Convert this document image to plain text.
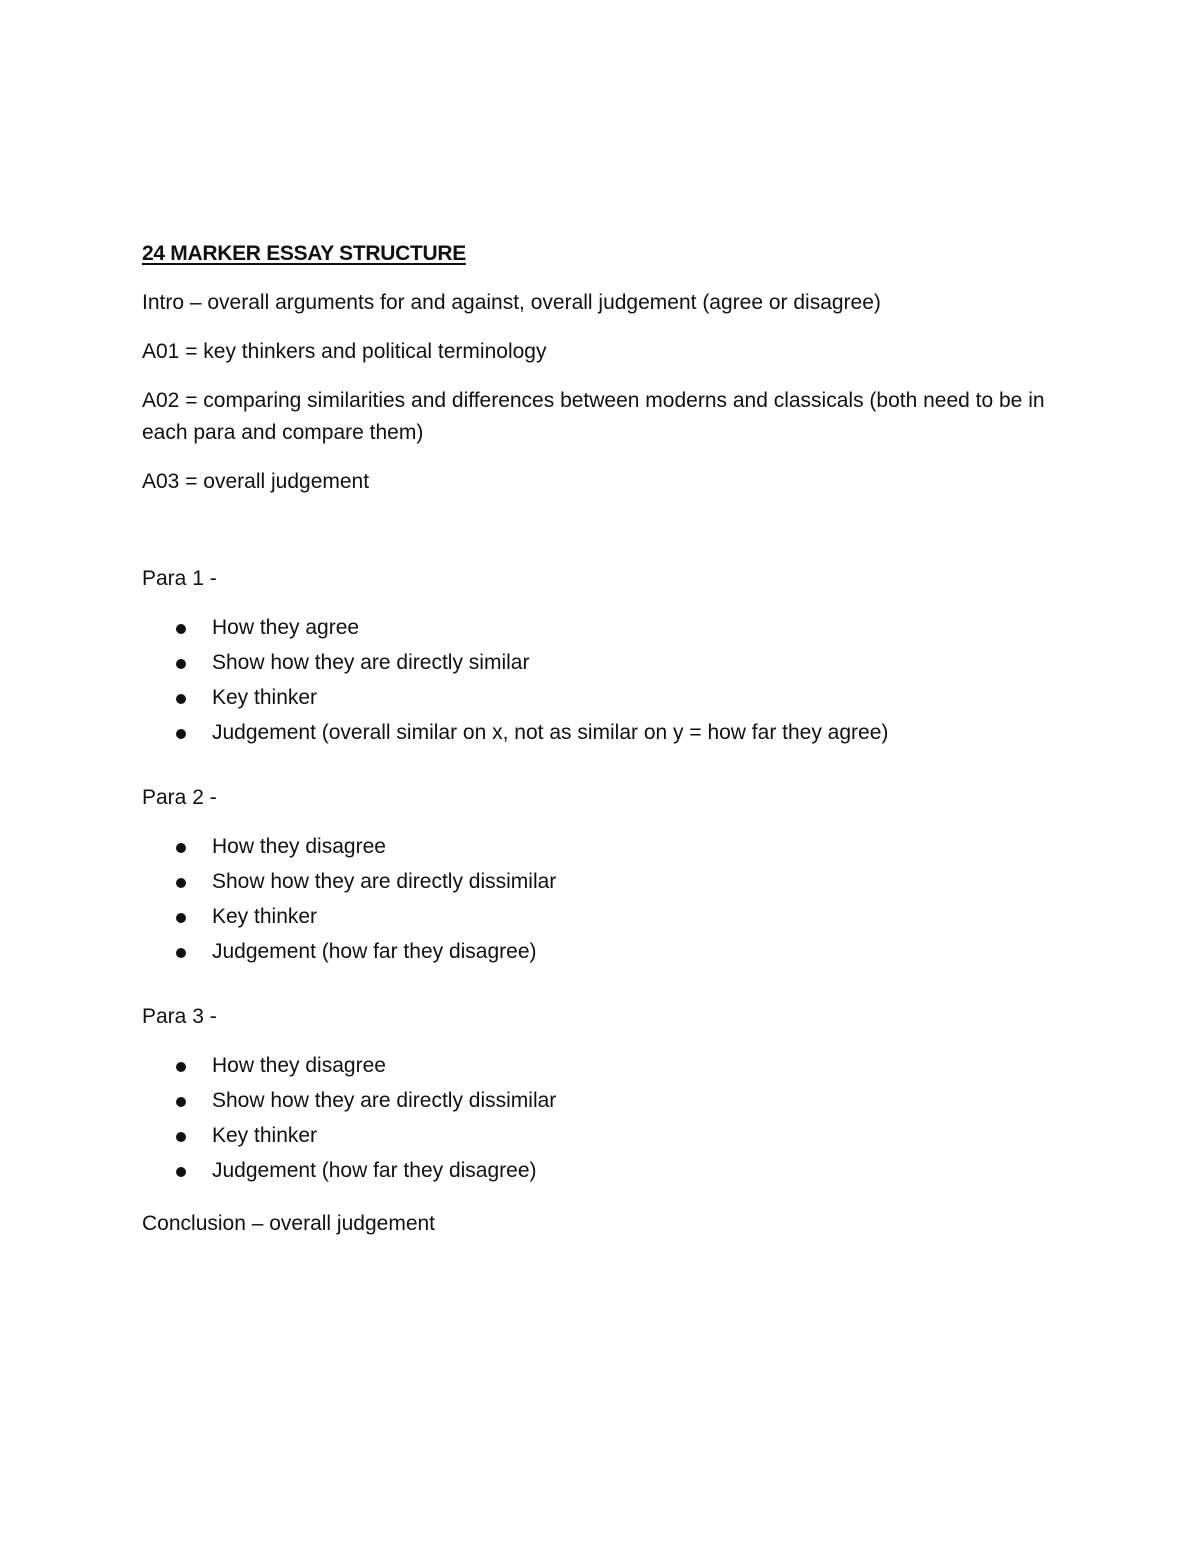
24 MARKER ESSAY STRUCTURE
Intro – overall arguments for and against, overall judgement (agree or disagree)
A01 = key thinkers and political terminology
A02 = comparing similarities and differences between moderns and classicals (both need to be in each para and compare them)
A03 = overall judgement
Para 1 -
How they agree
Show how they are directly similar
Key thinker
Judgement (overall similar on x, not as similar on y = how far they agree)
Para 2 -
How they disagree
Show how they are directly dissimilar
Key thinker
Judgement (how far they disagree)
Para 3 -
How they disagree
Show how they are directly dissimilar
Key thinker
Judgement (how far they disagree)
Conclusion – overall judgement
